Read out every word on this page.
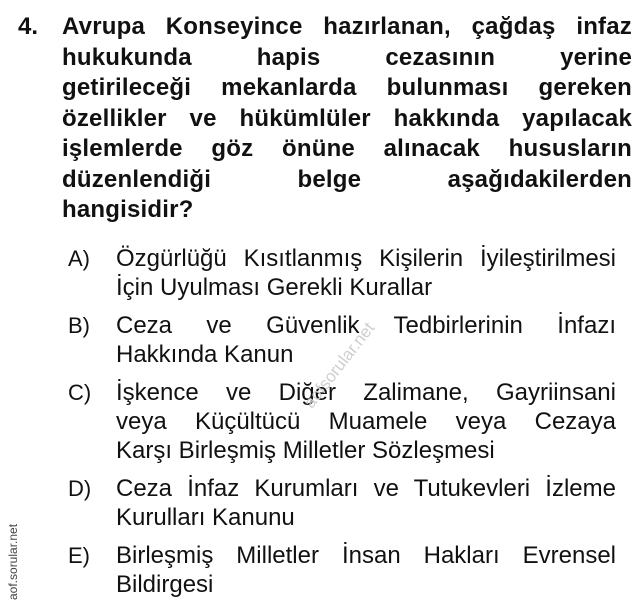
4. Avrupa Konseyince hazırlanan, çağdaş infaz
hukukunda hapis cezasının yerine
getirileceği mekanlarda bulunması gereken
özellikler ve hükümlüler hakkında yapılacak
işlemlerde göz önüne alınacak hususların
düzenlendiği belge aşağıdakilerden
hangisidir?
A) Özgürlüğü Kısıtlanmış Kişilerin İyileştirilmesi
İçin Uyulması Gerekli Kurallar
B) Ceza ve Güvenlik Tedbirlerinin İnfazı
Hakkında Kanun
C) İşkence ve Diğer Zalimane, Gayriinsani
veya Küçültücü Muamele veya Cezaya
Karşı Birleşmiş Milletler Sözleşmesi
D) Ceza İnfaz Kurumları ve Tutukevleri İzleme
Kurulları Kanunu
E) Birleşmiş Milletler İnsan Hakları Evrensel
Bildirgesi
aofsorular.net
aof.sorular.net
